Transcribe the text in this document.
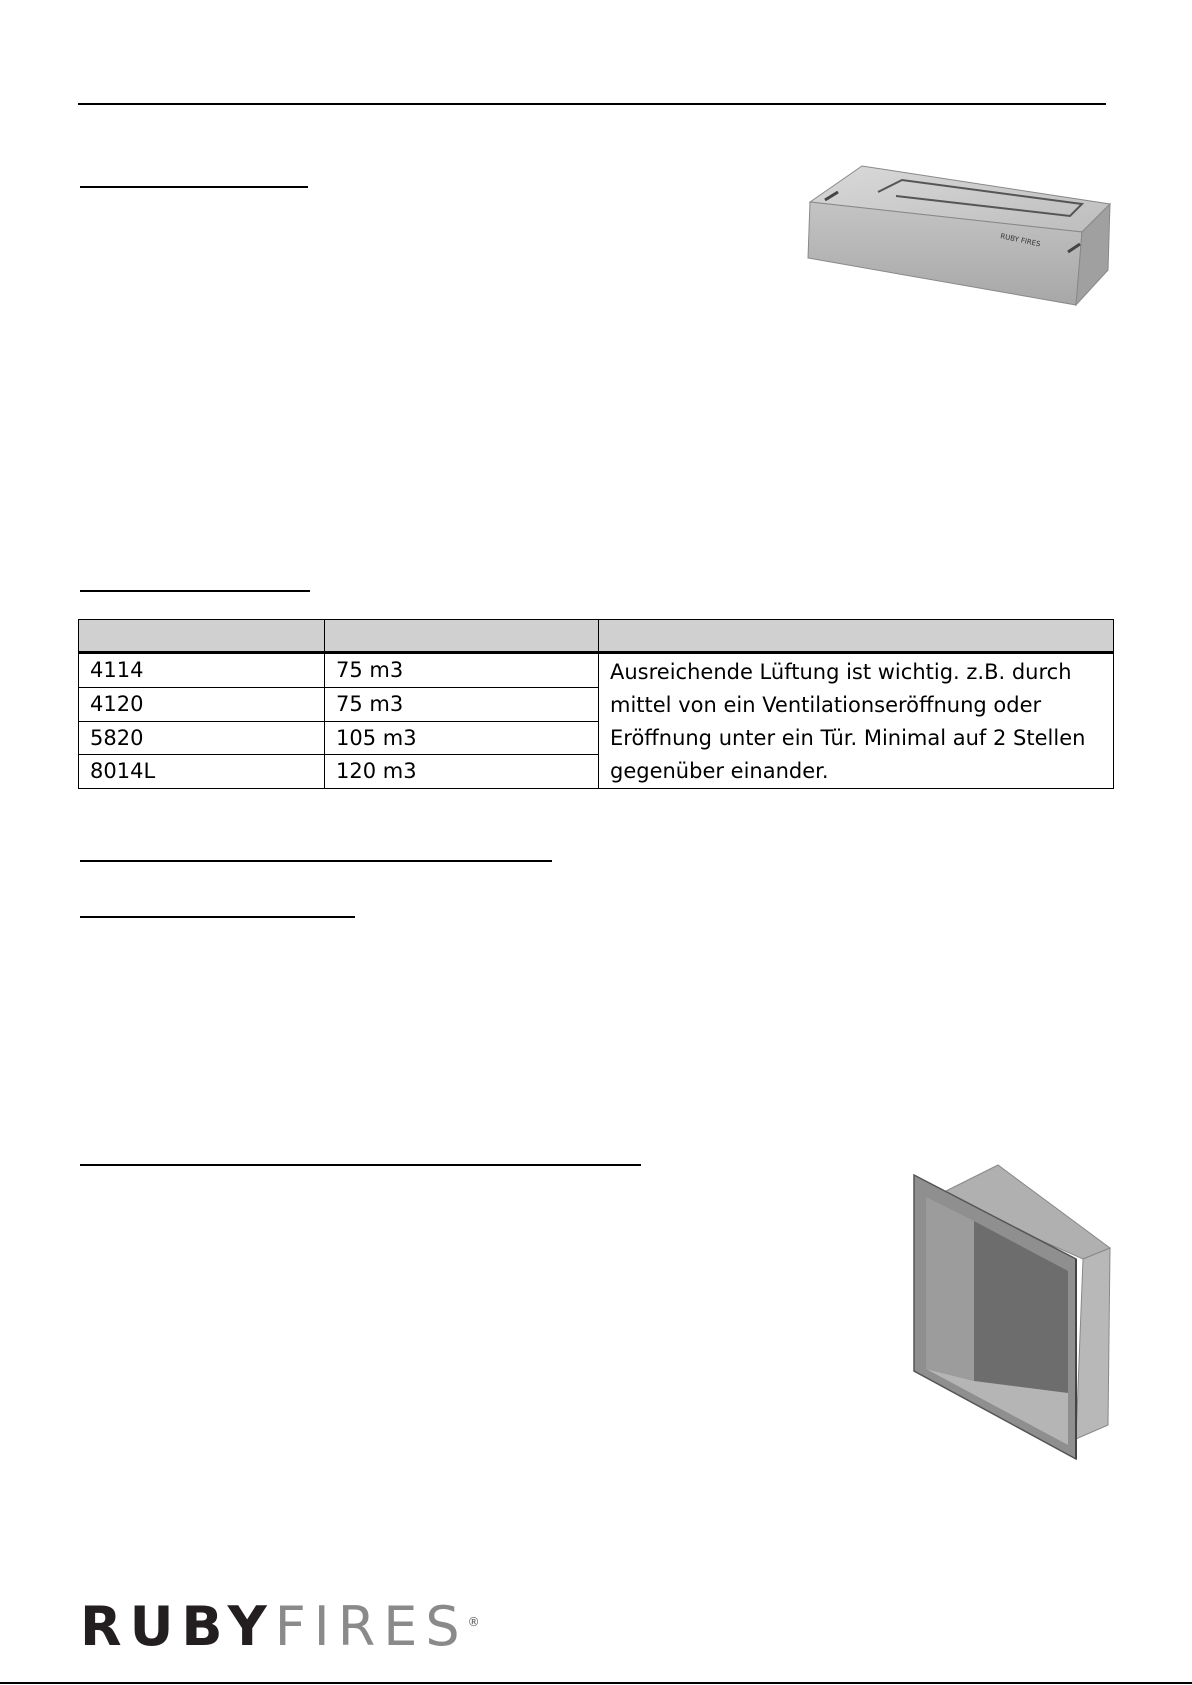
RUBY FIRES

4114	75 m3	Ausreichende Lüftung ist wichtig. z.B. durch mittel von ein Ventilationseröffnung oder Eröffnung unter ein Tür. Minimal auf 2 Stellen gegenüber einander.
4120	75 m3	
5820	105 m3	
8014L	120 m3	
RUBYFIRES®
